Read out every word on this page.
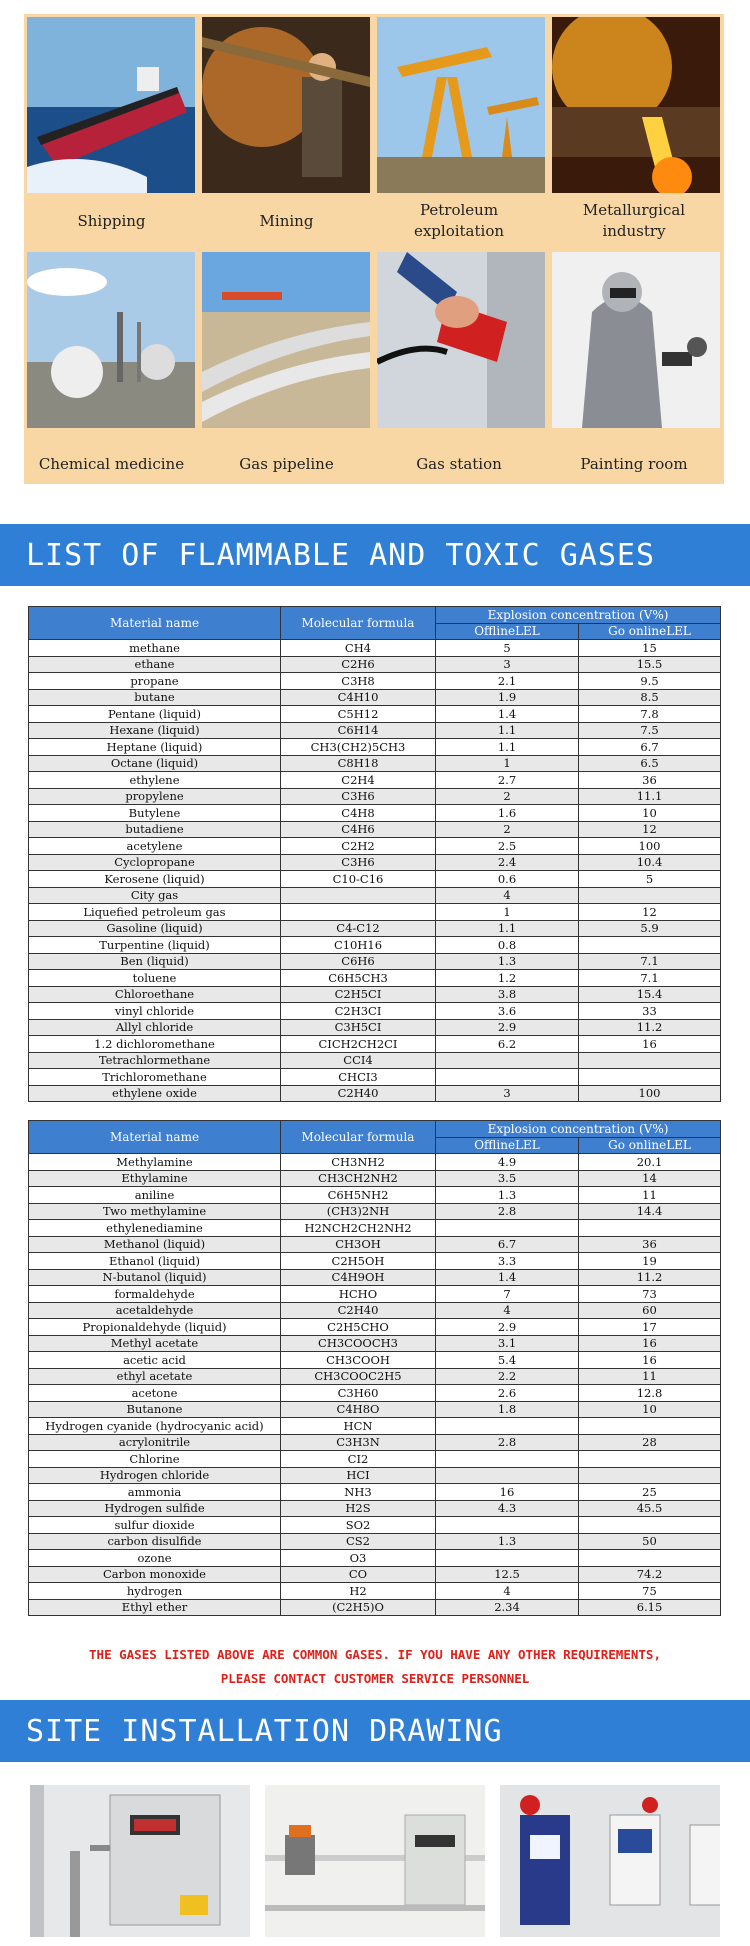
Shipping	Mining
Petroleum exploitation
Metallurgical industry
Chemical medicine	Gas pipeline	Gas station	Painting room
LIST OF FLAMMABLE AND TOXIC GASES
Material name	Molecular formula	Explosion concentration (V%)	
		OfflineLEL	Go onlineLEL
methane	CH4	5	15
ethane	C2H6	3	15.5
propane	C3H8	2.1	9.5
butane	C4H10	1.9	8.5
Pentane (liquid)	C5H12	1.4	7.8
Hexane (liquid)	C6H14	1.1	7.5
Heptane (liquid)	CH3(CH2)5CH3	1.1	6.7
Octane (liquid)	C8H18	1	6.5
ethylene	C2H4	2.7	36
propylene	C3H6	2	11.1
Butylene	C4H8	1.6	10
butadiene	C4H6	2	12
acetylene	C2H2	2.5	100
Cyclopropane	C3H6	2.4	10.4
Kerosene (liquid)	C10-C16	0.6	5
City gas		4	
Liquefied petroleum gas		1	12
Gasoline (liquid)	C4-C12	1.1	5.9
Turpentine (liquid)	C10H16	0.8	
Ben (liquid)	C6H6	1.3	7.1
toluene	C6H5CH3	1.2	7.1
Chloroethane	C2H5CI	3.8	15.4
vinyl chloride	C2H3CI	3.6	33
Allyl chloride	C3H5CI	2.9	11.2
1.2 dichloromethane	CICH2CH2CI	6.2	16
Tetrachlormethane	CCI4		
Trichloromethane	CHCI3		
ethylene oxide	C2H40	3	100
Material name	Molecular formula	Explosion concentration (V%)	
		OfflineLEL	Go onlineLEL
Methylamine	CH3NH2	4.9	20.1
Ethylamine	CH3CH2NH2	3.5	14
aniline	C6H5NH2	1.3	11
Two methylamine	(CH3)2NH	2.8	14.4
ethylenediamine	H2NCH2CH2NH2		
Methanol (liquid)	CH3OH	6.7	36
Ethanol (liquid)	C2H5OH	3.3	19
N-butanol (liquid)	C4H9OH	1.4	11.2
formaldehyde	HCHO	7	73
acetaldehyde	C2H40	4	60
Propionaldehyde (liquid)	C2H5CHO	2.9	17
Methyl acetate	CH3COOCH3	3.1	16
acetic acid	CH3COOH	5.4	16
ethyl acetate	CH3COOC2H5	2.2	11
acetone	C3H60	2.6	12.8
Butanone	C4H8O	1.8	10
Hydrogen cyanide (hydrocyanic acid)	HCN		
acrylonitrile	C3H3N	2.8	28
Chlorine	CI2		
Hydrogen chloride	HCI		
ammonia	NH3	16	25
Hydrogen sulfide	H2S	4.3	45.5
sulfur dioxide	SO2		
carbon disulfide	CS2	1.3	50
ozone	O3		
Carbon monoxide	CO	12.5	74.2
hydrogen	H2	4	75
Ethyl ether	(C2H5)O	2.34	6.15
THE GASES LISTED ABOVE ARE COMMON GASES. IF YOU HAVE ANY OTHER REQUIREMENTS,
PLEASE CONTACT CUSTOMER SERVICE PERSONNEL
SITE INSTALLATION DRAWING
